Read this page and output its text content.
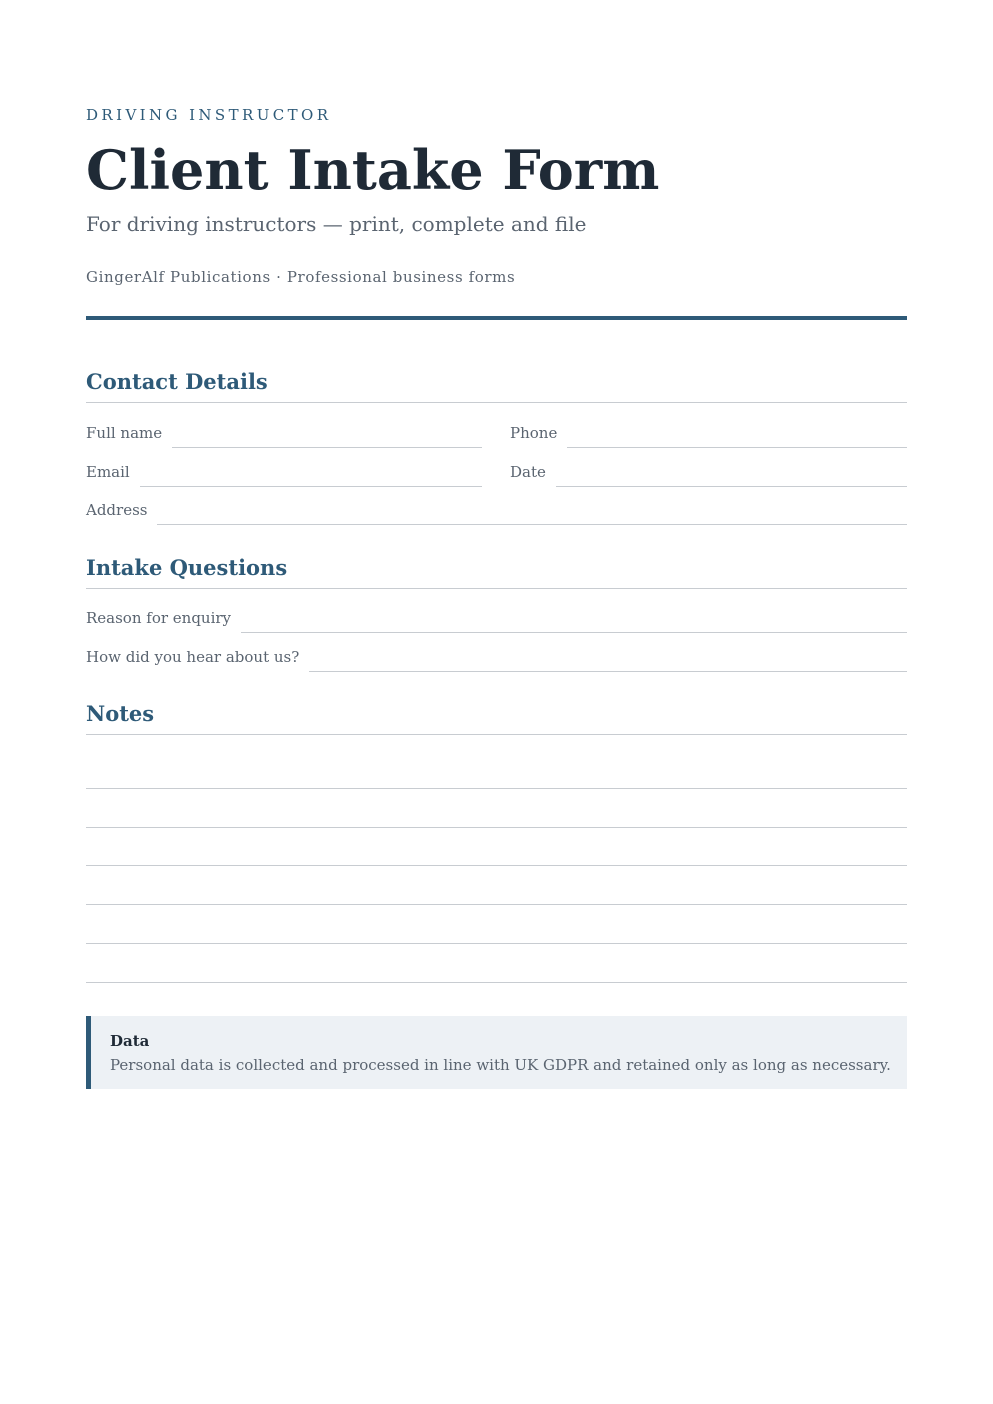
DRIVING INSTRUCTOR
Client Intake Form
For driving instructors — print, complete and file
GingerAlf Publications · Professional business forms
Contact Details
Full name	Phone
Email	Date
Address
Intake Questions
Reason for enquiry
How did you hear about us?
Notes
Data
Personal data is collected and processed in line with UK GDPR and retained only as long as necessary.
